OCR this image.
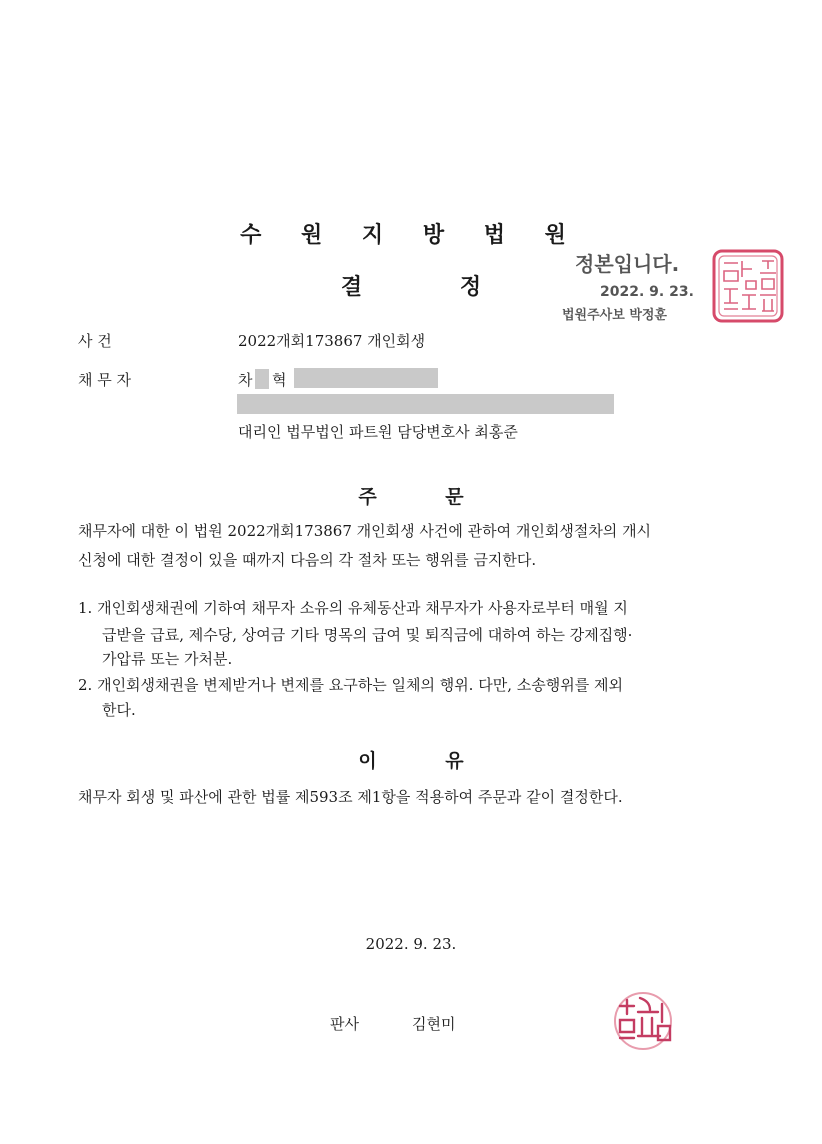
수 원 지 방 법 원
결 정
정본입니다.
2022. 9. 23.
법원주사보 박정훈
사 건	2022개회173867 개인회생
채 무 자	차 혁
대리인 법무법인 파트원 담당변호사 최홍준
주 문
채무자에 대한 이 법원 2022개회173867 개인회생 사건에 관하여 개인회생절차의 개시
신청에 대한 결정이 있을 때까지 다음의 각 절차 또는 행위를 금지한다.
1. 개인회생채권에 기하여 채무자 소유의 유체동산과 채무자가 사용자로부터 매월 지
급받을 급료, 제수당, 상여금 기타 명목의 급여 및 퇴직금에 대하여 하는 강제집행·
가압류 또는 가처분.
2. 개인회생채권을 변제받거나 변제를 요구하는 일체의 행위. 다만, 소송행위를 제외
한다.
이 유
채무자 회생 및 파산에 관한 법률 제593조 제1항을 적용하여 주문과 같이 결정한다.
2022. 9. 23.
판사	김현미
